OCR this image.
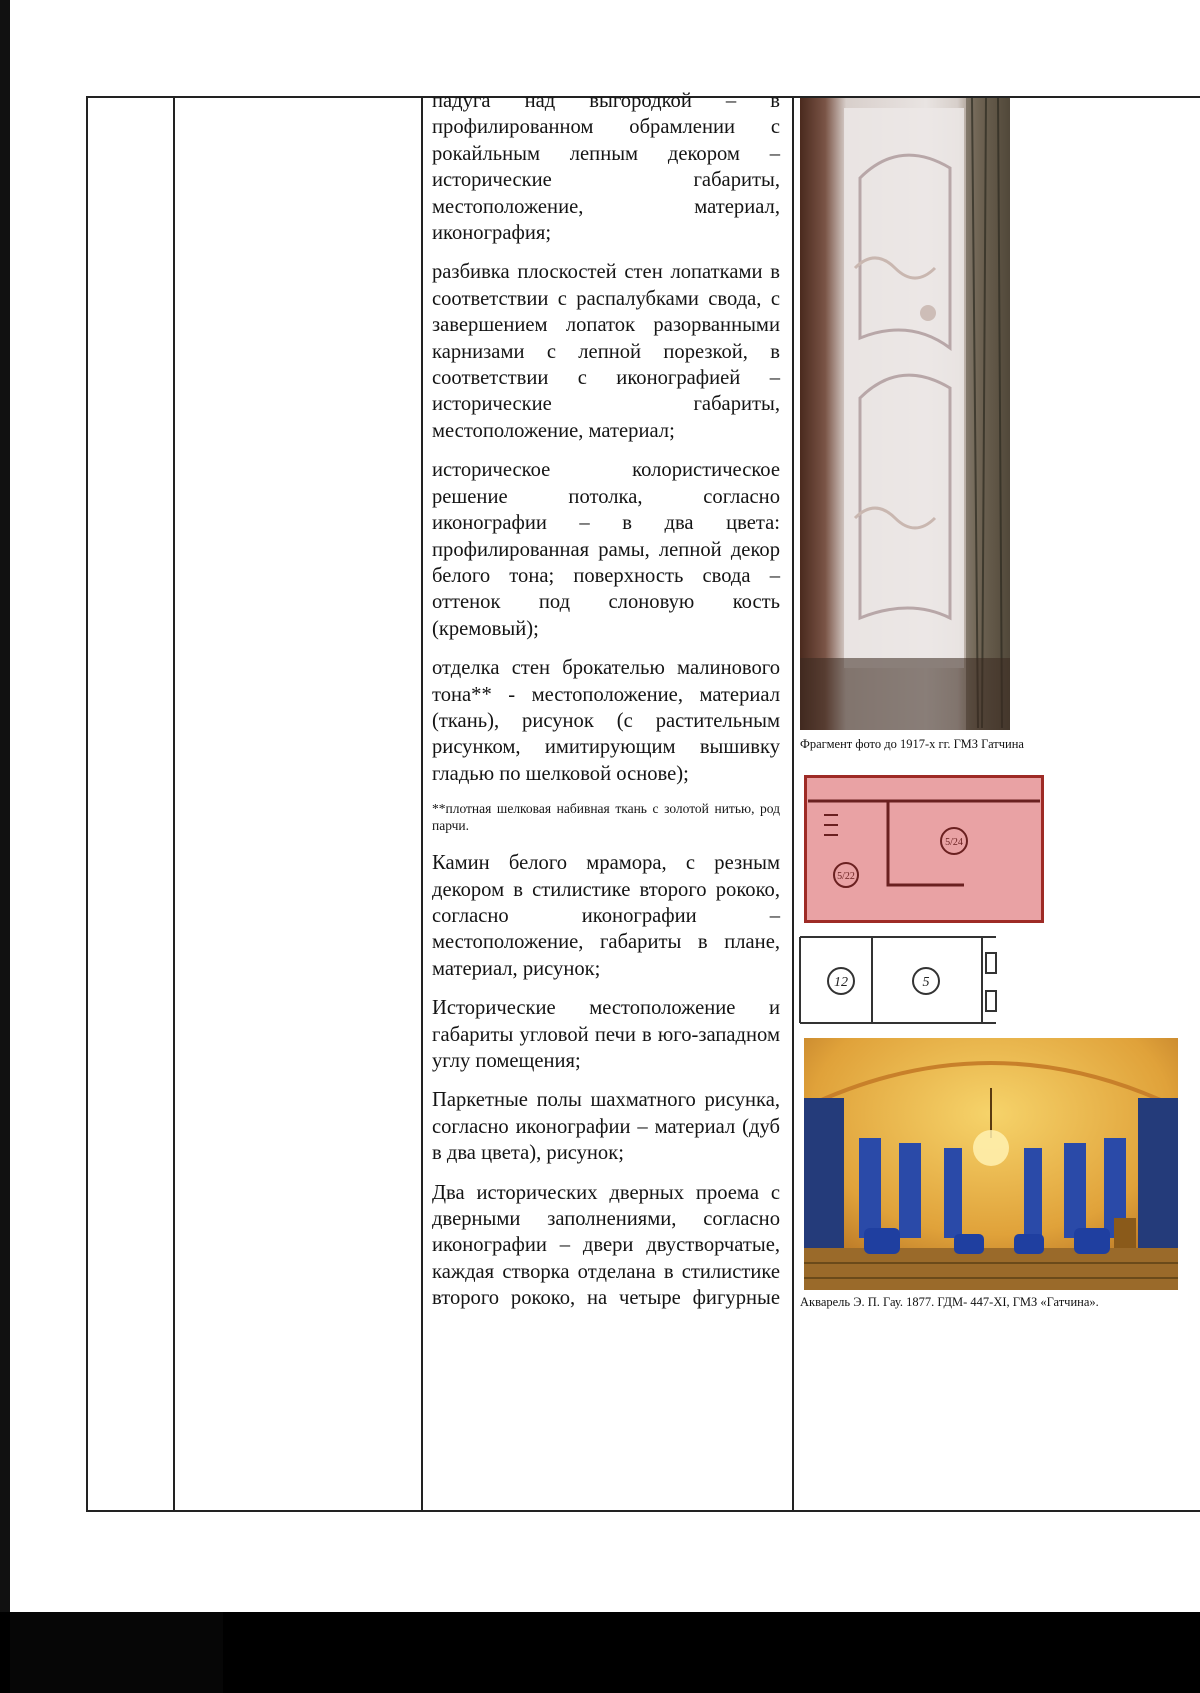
падуга над выгородкой – в профилированном обрамлении с рокайльным лепным декором – исторические габариты, местоположение, материал, иконография;

разбивка плоскостей стен лопатками в соответствии с распалубками свода, с завершением лопаток разорванными карнизами с лепной порезкой, в соответствии с иконографией – исторические габариты, местоположение, материал;

историческое колористическое решение потолка, согласно иконографии – в два цвета: профилированная рамы, лепной декор белого тона; поверхность свода – оттенок под слоновую кость (кремовый);

отделка стен брокателью малинового тона** - местоположение, материал (ткань), рисунок (с растительным рисунком, имитирующим вышивку гладью по шелковой основе);

**плотная шелковая набивная ткань с золотой нитью, род парчи.

Камин белого мрамора, с резным декором в стилистике второго рококо, согласно иконографии – местоположение, габариты в плане, материал, рисунок;

Исторические местоположение и габариты угловой печи в юго-западном углу помещения;

Паркетные полы шахматного рисунка, согласно иконографии – материал (дуб в два цвета), рисунок;

Два исторических дверных проема с дверными заполнениями, согласно иконографии – двери двустворчатые, каждая створка отделана в стилистике второго рококо, на четыре фигурные

Фрагмент фото до 1917-х гг. ГМЗ Гатчина
5/24
5/22
12	5
Акварель Э. П. Гау. 1877. ГДМ- 447-XI, ГМЗ «Гатчина».
